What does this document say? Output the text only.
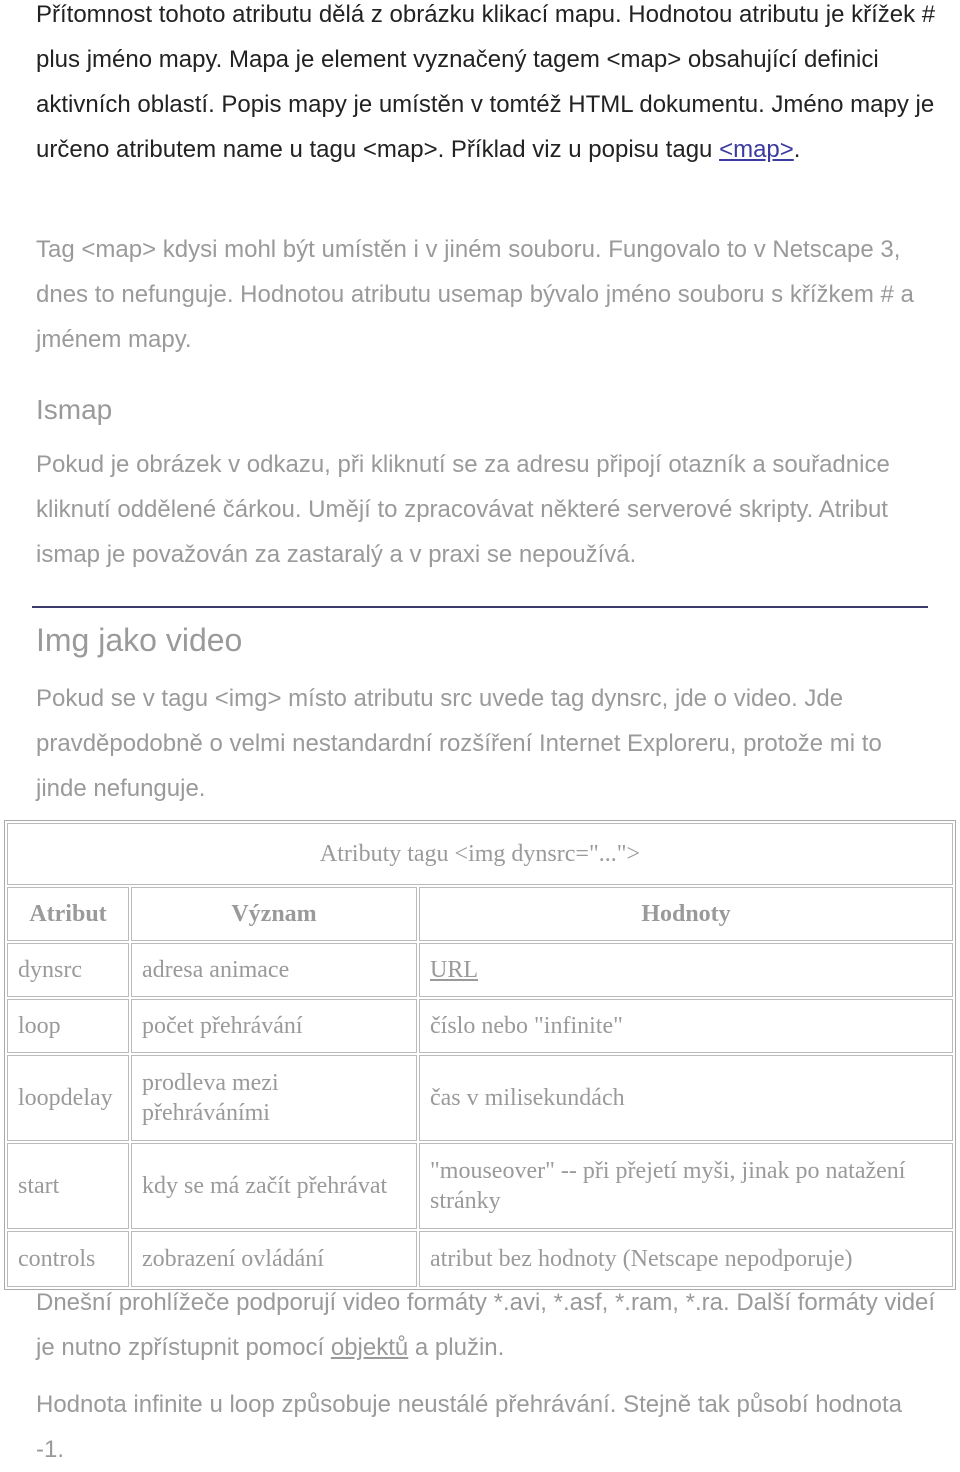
Přítomnost tohoto atributu dělá z obrázku klikací mapu. Hodnotou atributu je křížek # plus jméno mapy. Mapa je element vyznačený tagem <map> obsahující definici aktivních oblastí. Popis mapy je umístěn v tomtéž HTML dokumentu. Jméno mapy je určeno atributem name u tagu <map>. Příklad viz u popisu tagu <map>.

Tag <map> kdysi mohl být umístěn i v jiném souboru. Fungovalo to v Netscape 3, dnes to nefunguje. Hodnotou atributu usemap bývalo jméno souboru s křížkem # a jménem mapy.

Ismap

Pokud je obrázek v odkazu, při kliknutí se za adresu připojí otazník a souřadnice kliknutí oddělené čárkou. Umějí to zpracovávat některé serverové skripty. Atribut ismap je považován za zastaralý a v praxi se nepoužívá.

Img jako video

Pokud se v tagu <img> místo atributu src uvede tag dynsrc, jde o video. Jde pravděpodobně o velmi nestandardní rozšíření Internet Exploreru, protože mi to jinde nefunguje.

Atributy tagu <img dynsrc="...">		
Atribut	Význam	Hodnoty
dynsrc	adresa animace	URL
loop	počet přehrávání	číslo nebo "infinite"
loopdelay	prodleva mezi přehráváními	čas v milisekundách
start	kdy se má začít přehrávat	"mouseover" -- při přejetí myši, jinak po natažení stránky
controls	zobrazení ovládání	atribut bez hodnoty (Netscape nepodporuje)

Dnešní prohlížeče podporují video formáty *.avi, *.asf, *.ram, *.ra. Další formáty videí je nutno zpřístupnit pomocí objektů a plužin.

Hodnota infinite u loop způsobuje neustálé přehrávání. Stejně tak působí hodnota -1.
